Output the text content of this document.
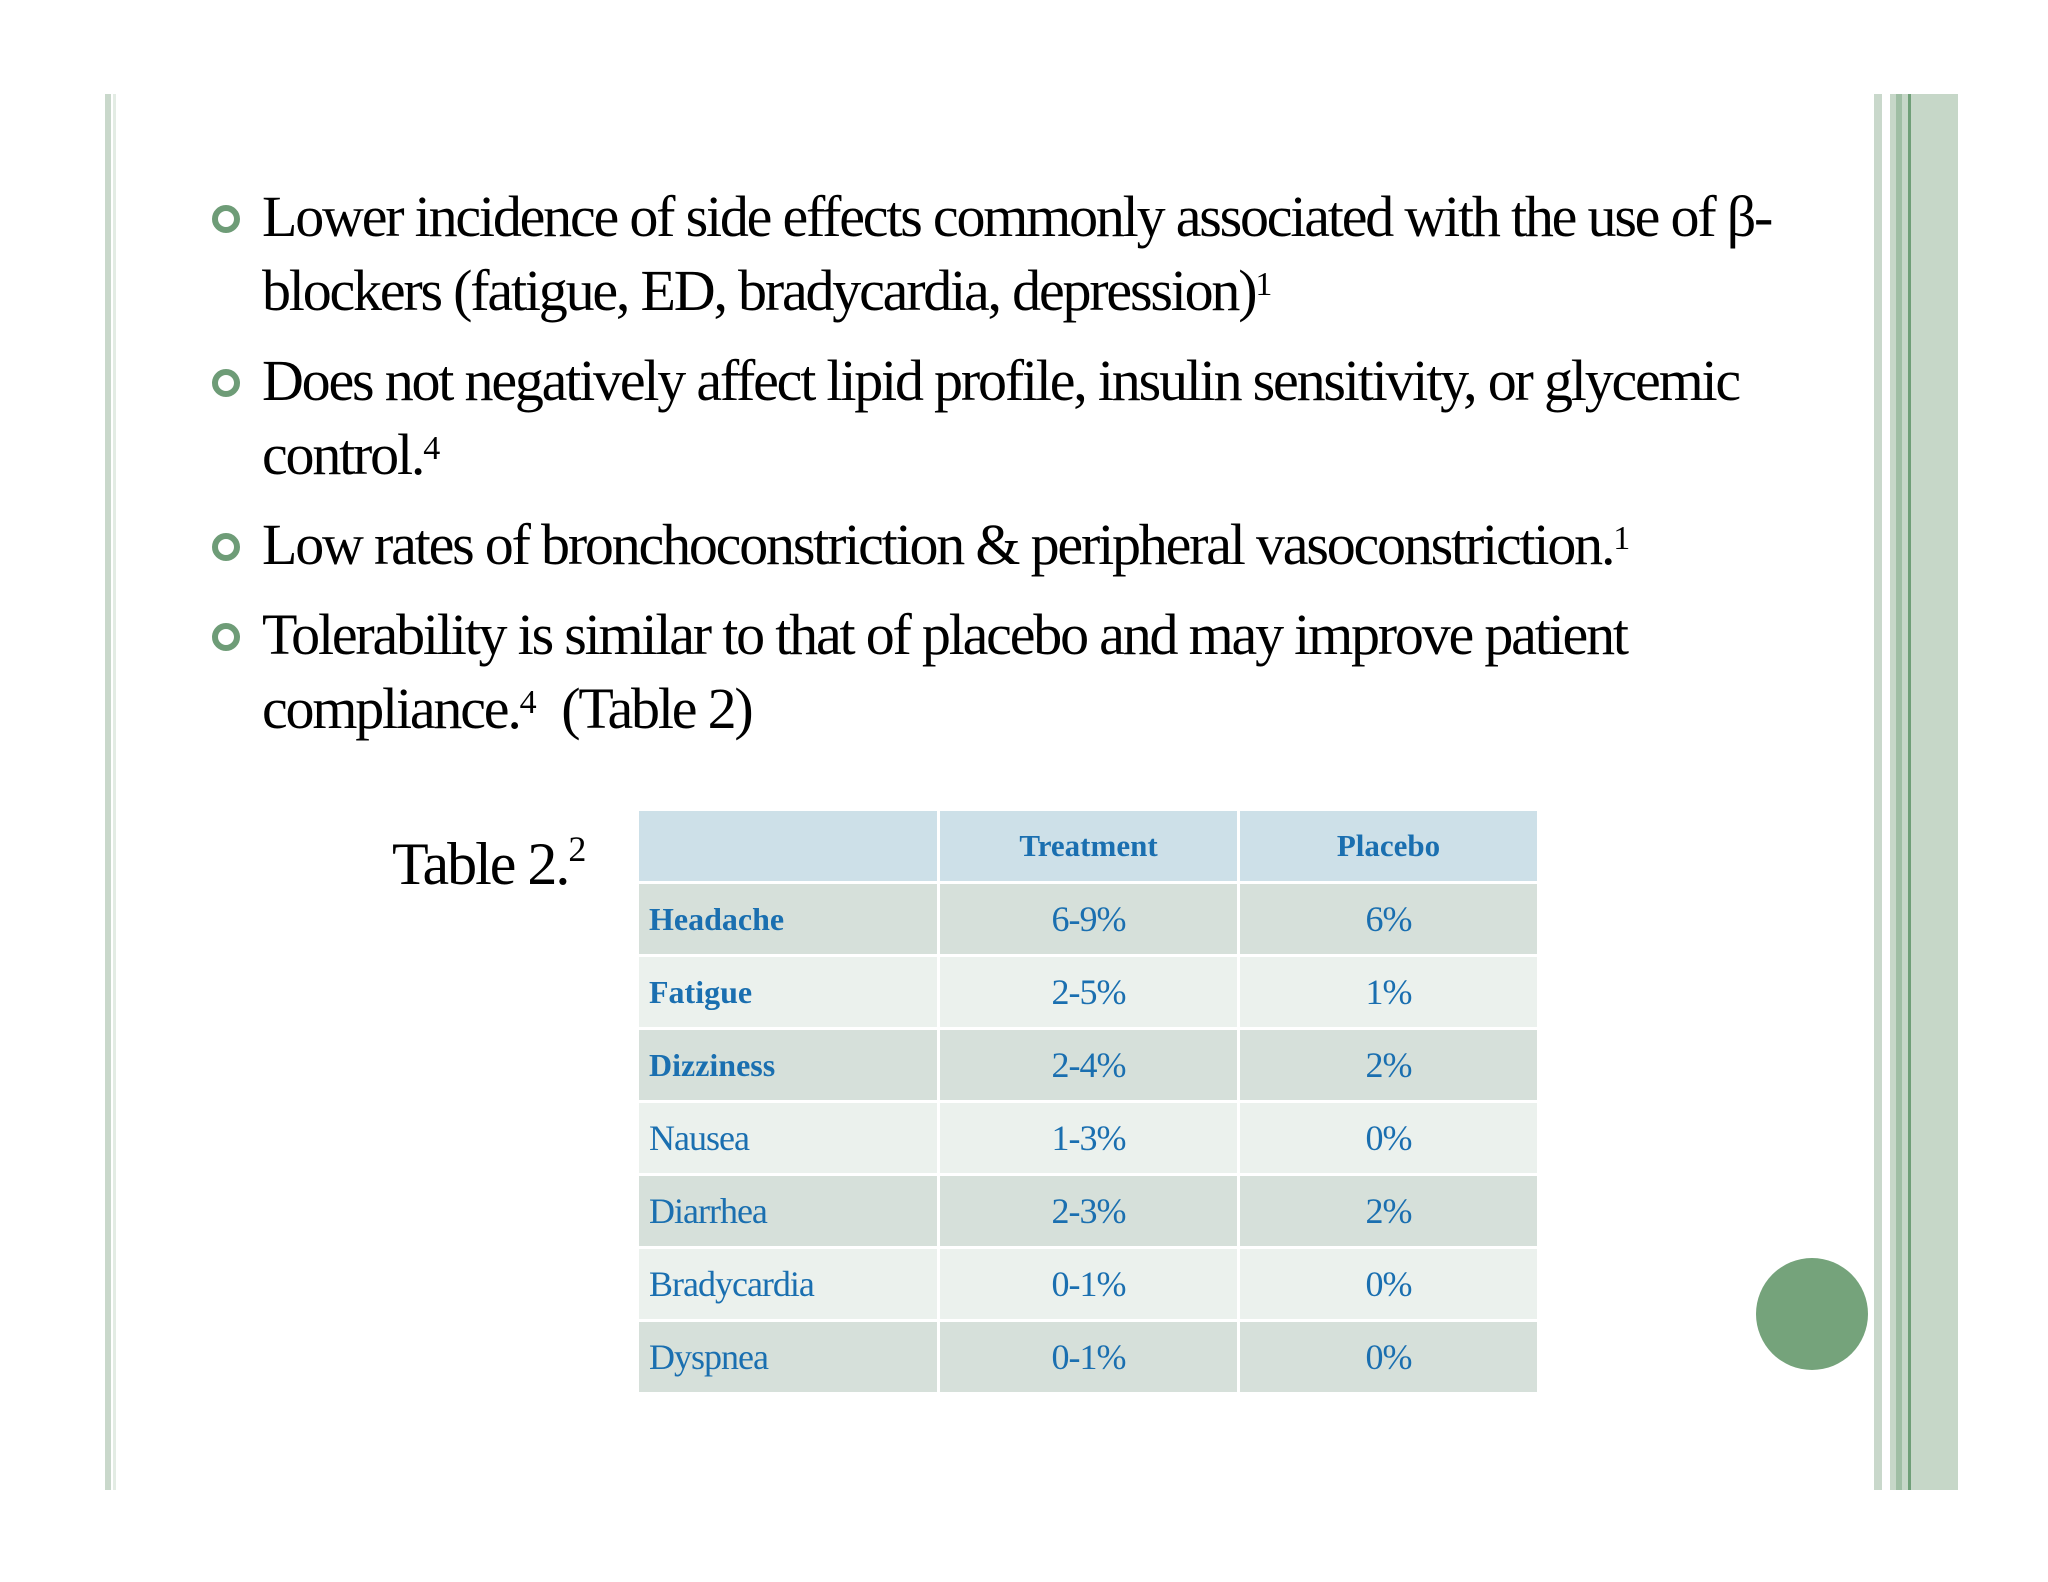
Lower incidence of side effects commonly associated with the use of β-blockers (fatigue, ED, bradycardia, depression)$^1$
Does not negatively affect lipid profile, insulin sensitivity, or glycemic control.$^4$
Low rates of bronchoconstriction & peripheral vasoconstriction.$^1$
Tolerability is similar to that of placebo and may improve patient compliance.$^4$  (Table 2)
Table 2.$^2$
		Treatment	Placebo
Headache	6-9%	6%
Fatigue	2-5%	1%
Dizziness	2-4%	2%
Nausea	1-3%	0%
Diarrhea	2-3%	2%
Bradycardia	0-1%	0%
Dyspnea	0-1%	0%
